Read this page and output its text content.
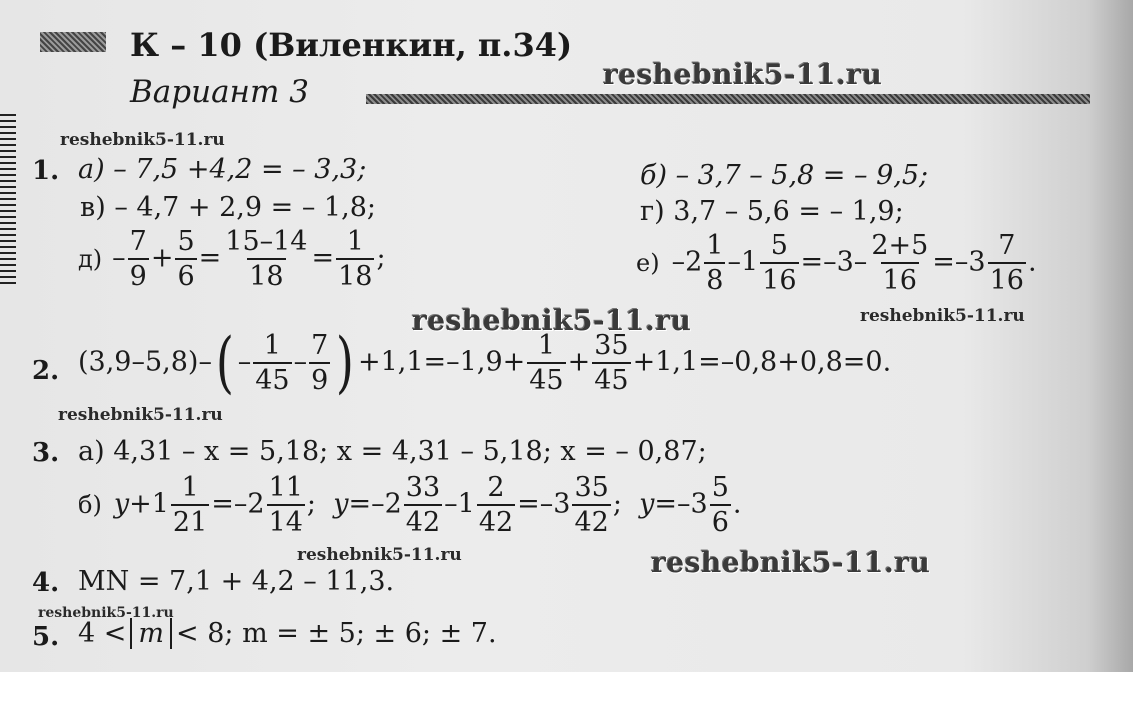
К – 10 (Виленкин, п.34)
Вариант 3	reshebnik5-11.ru
reshebnik5-11.ru
reshebnik5-11.ru	reshebnik5-11.ru
reshebnik5-11.ru
reshebnik5-11.ru	reshebnik5-11.ru
reshebnik5-11.ru
1. а) – 7,5 +4,2 = – 3,3;	б) – 3,7 – 5,8 = – 9,5;
в) – 4,7 + 2,9 = – 1,8;	г) 3,7 – 5,6 = – 1,9;
$д) - \frac{7}{9} + \frac{5}{6} = \frac{15-14}{18} = \frac{1}{18}$ ;	е) $-2 \frac{1}{8} -1 \frac{5}{16} =-3- \frac{2+5}{16} =-3 \frac{7}{16}$ .
2. $(3,9-5,8)-( - \frac{1}{45} - \frac{7}{9}$ ) $+1,1=-1,9+ \frac{1}{45} + \frac{35}{45} +1,1=-0,8+0,8=0$.
3. а) 4,31 – x = 5,18; x = 4,31 – 5,18; x = – 0,87;
б) $y+1 \frac{1}{21} =-2 \frac{11}{14}$ ;  $y=-2 \frac{33}{42} -1 \frac{2}{42} =-3 \frac{35}{42}$ ;  $y=-3 \frac{5}{6}$ .
4. MN = 7,1 + 4,2 – 11,3.
5. 4 < m < 8; m = ± 5; ± 6; ± 7.
